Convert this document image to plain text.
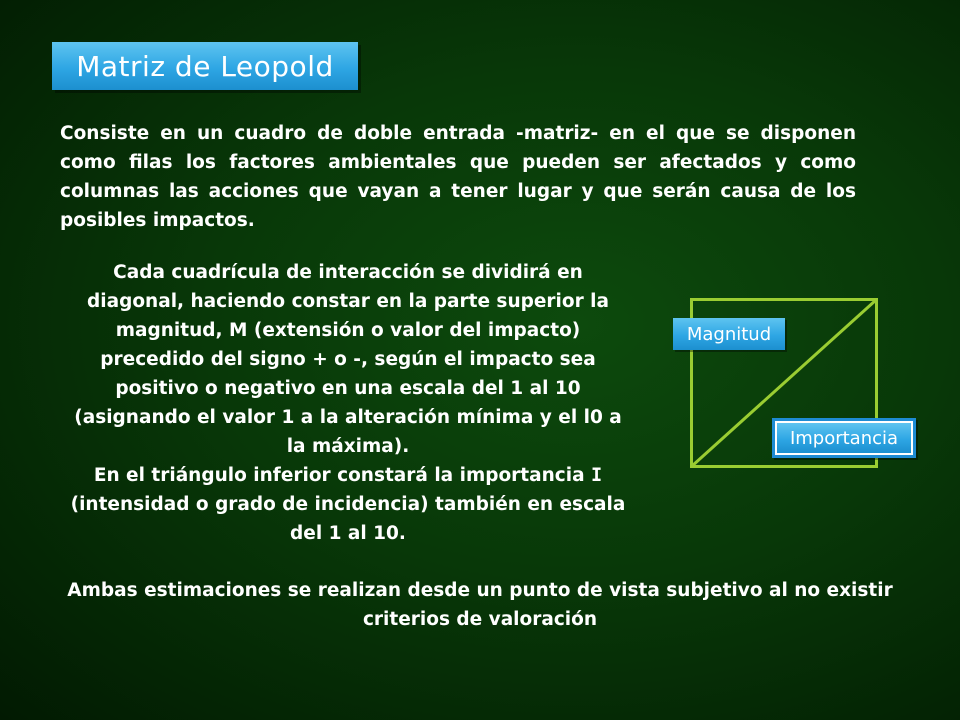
Matriz de Leopold
Consiste en un cuadro de doble entrada -matriz- en el que se disponen como filas los factores ambientales que pueden ser afectados y como columnas las acciones que vayan a tener lugar y que serán causa de los posibles impactos.
Cada cuadrícula de interacción se dividirá en diagonal, haciendo constar en la parte superior la magnitud, M (extensión o valor del impacto) precedido del signo + o -, según el impacto sea positivo o negativo en una escala del 1 al 10 (asignando el valor 1 a la alteración mínima y el l0 a la máxima).
En el triángulo inferior constará la importancia I (intensidad o grado de incidencia) también en escala del 1 al 10.
Magnitud
Importancia
Ambas estimaciones se realizan desde un punto de vista subjetivo al no existir criterios de valoración
